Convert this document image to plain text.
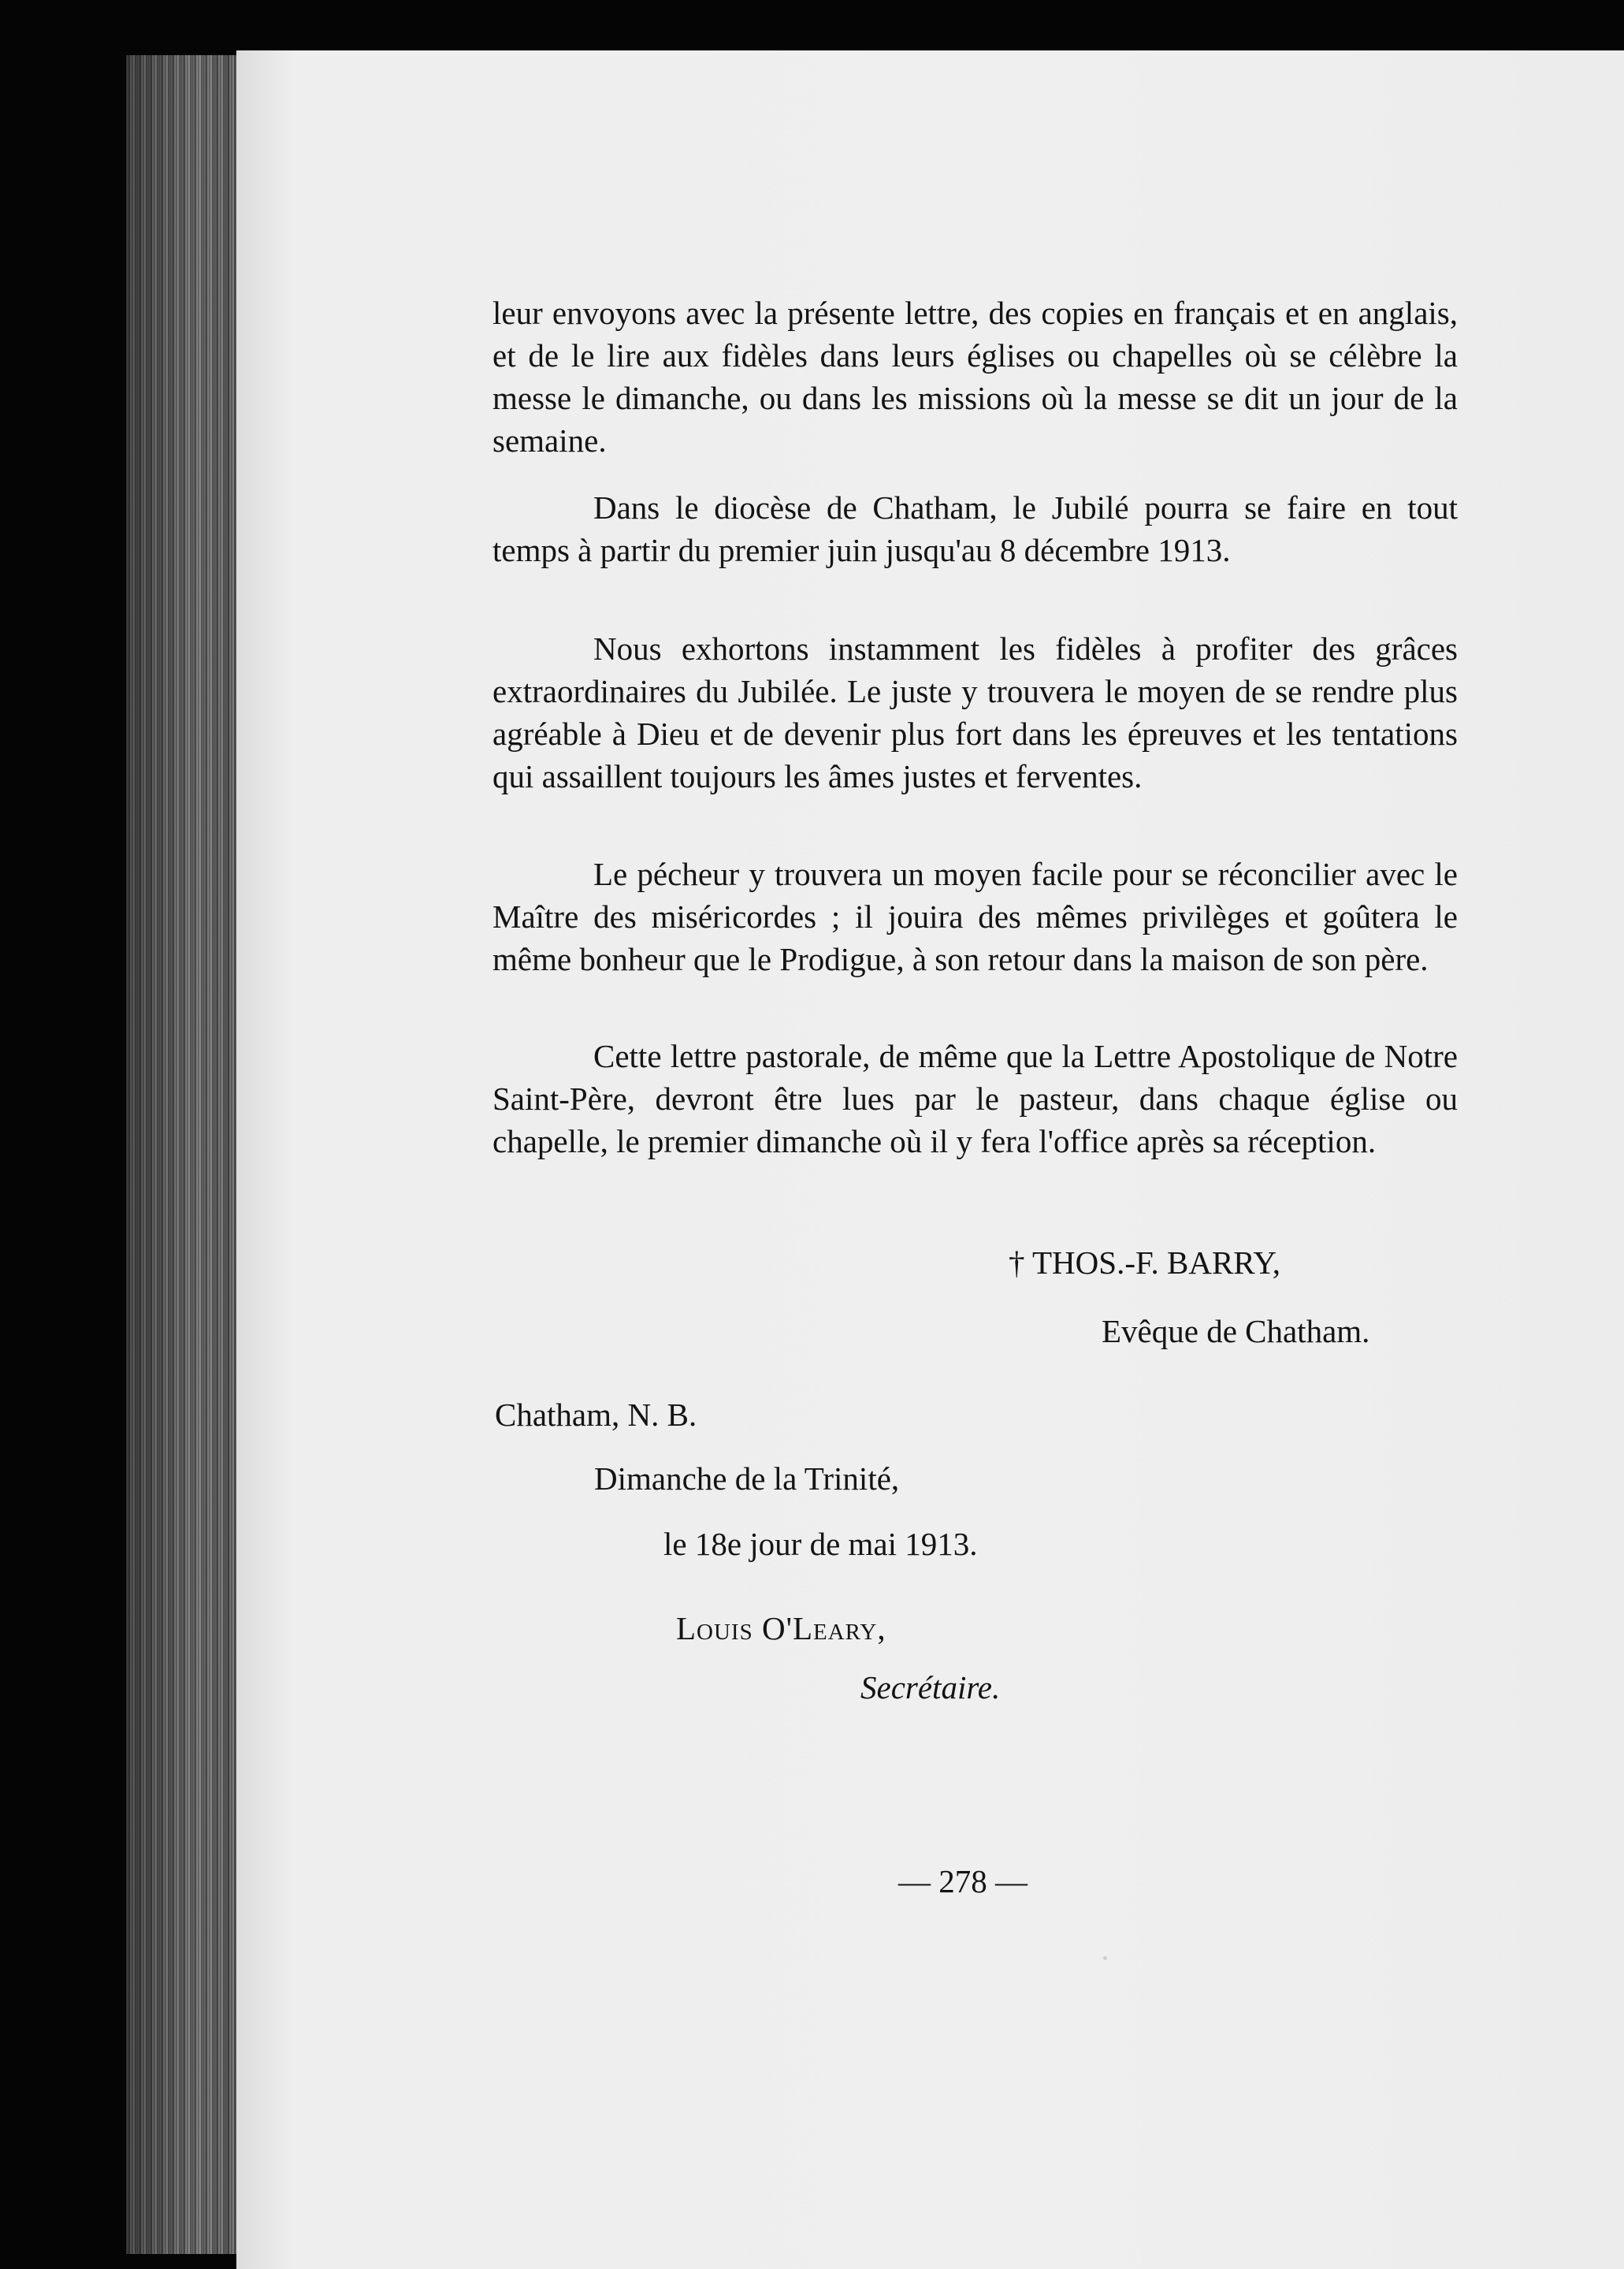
leur envoyons avec la présente lettre, des copies en français et en anglais, et de le lire aux fidèles dans leurs églises ou chapelles où se célèbre la messe le dimanche, ou dans les missions où la messe se dit un jour de la semaine.

Dans le diocèse de Chatham, le Jubilé pourra se faire en tout temps à partir du premier juin jusqu'au 8 décembre 1913.

Nous exhortons instamment les fidèles à profiter des grâces extraordinaires du Jubilée. Le juste y trouvera le moyen de se rendre plus agréable à Dieu et de devenir plus fort dans les épreuves et les tentations qui assaillent toujours les âmes justes et ferventes.

Le pécheur y trouvera un moyen facile pour se réconcilier avec le Maître des miséricordes ; il jouira des mêmes privilèges et goûtera le même bonheur que le Prodigue, à son retour dans la maison de son père.

Cette lettre pastorale, de même que la Lettre Apostolique de Notre Saint-Père, devront être lues par le pasteur, dans chaque église ou chapelle, le premier dimanche où il y fera l'office après sa réception.

† THOS.-F. BARRY,
Evêque de Chatham.
Chatham, N. B.
Dimanche de la Trinité,
le 18e jour de mai 1913.
Louis O'Leary,
Secrétaire.
— 278 —
